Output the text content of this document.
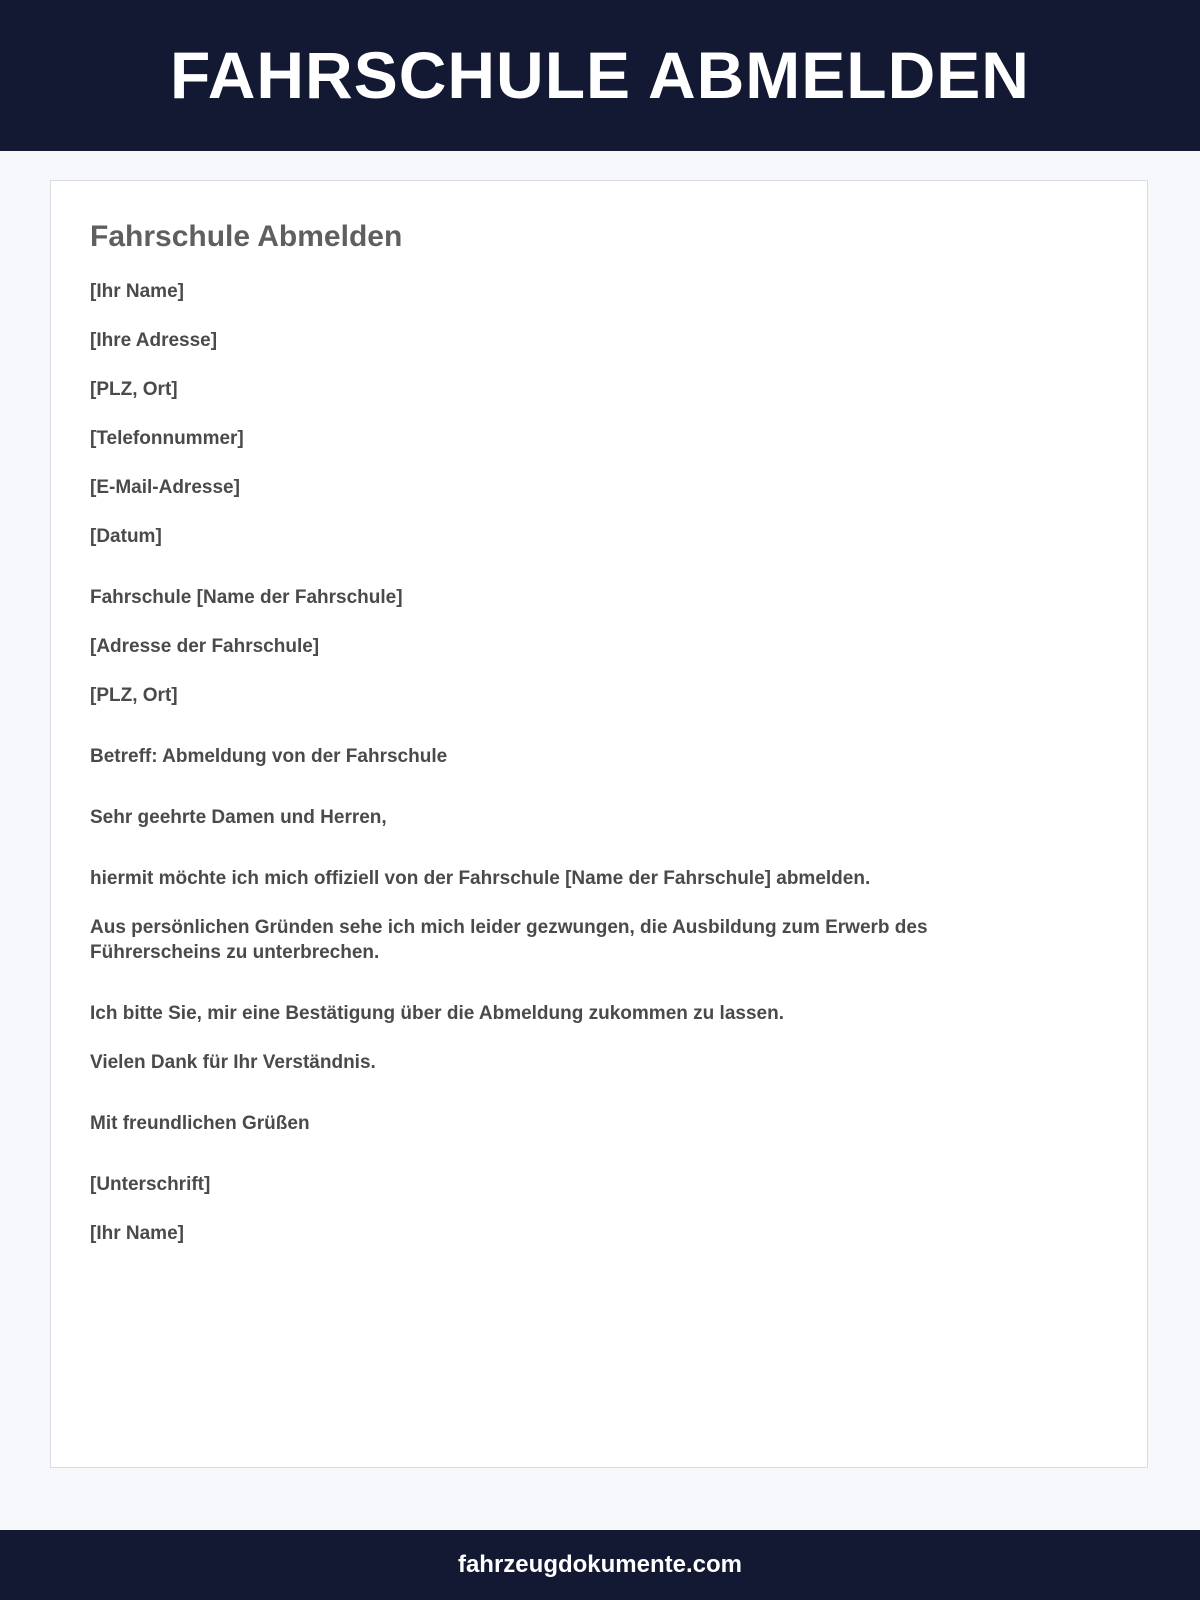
FAHRSCHULE ABMELDEN
Fahrschule Abmelden

[Ihr Name]

[Ihre Adresse]

[PLZ, Ort]

[Telefonnummer]

[E-Mail-Adresse]

[Datum]

Fahrschule [Name der Fahrschule]

[Adresse der Fahrschule]

[PLZ, Ort]

Betreff: Abmeldung von der Fahrschule

Sehr geehrte Damen und Herren,

hiermit möchte ich mich offiziell von der Fahrschule [Name der Fahrschule] abmelden.

Aus persönlichen Gründen sehe ich mich leider gezwungen, die Ausbildung zum Erwerb des Führerscheins zu unterbrechen.

Ich bitte Sie, mir eine Bestätigung über die Abmeldung zukommen zu lassen.

Vielen Dank für Ihr Verständnis.

Mit freundlichen Grüßen

[Unterschrift]

[Ihr Name]

fahrzeugdokumente.com
